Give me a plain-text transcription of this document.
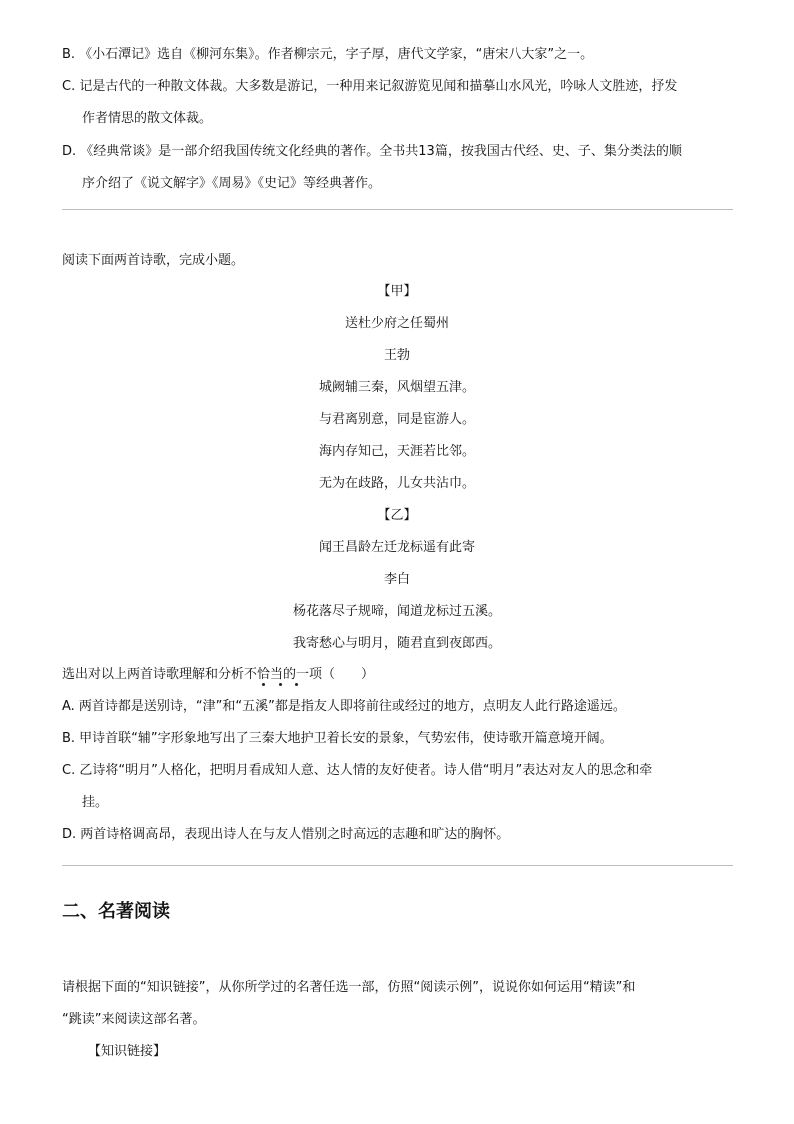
B. 《小石潭记》选自《柳河东集》。作者柳宗元，字子厚，唐代文学家，“唐宋八大家”之一。
C. 记是古代的一种散文体裁。大多数是游记，一种用来记叙游览见闻和描摹山水风光，吟咏人文胜迹，抒发
作者情思的散文体裁。
D. 《经典常谈》是一部介绍我国传统文化经典的著作。全书共13篇，按我国古代经、史、子、集分类法的顺
序介绍了《说文解字》《周易》《史记》等经典著作。
阅读下面两首诗歌，完成小题。
【甲】
送杜少府之任蜀州
王勃
城阙辅三秦，风烟望五津。
与君离别意，同是宦游人。
海内存知己，天涯若比邻。
无为在歧路，儿女共沾巾。
【乙】
闻王昌龄左迁龙标遥有此寄
李白
杨花落尽子规啼，闻道龙标过五溪。
我寄愁心与明月，随君直到夜郎西。
选出对以上两首诗歌理解和分析不恰当的一项（　　）
A. 两首诗都是送别诗，“津”和“五溪”都是指友人即将前往或经过的地方，点明友人此行路途遥远。
B. 甲诗首联“辅”字形象地写出了三秦大地护卫着长安的景象，气势宏伟，使诗歌开篇意境开阔。
C. 乙诗将“明月”人格化，把明月看成知人意、达人情的友好使者。诗人借“明月”表达对友人的思念和牵
挂。
D. 两首诗格调高昂，表现出诗人在与友人惜别之时高远的志趣和旷达的胸怀。
二、名著阅读
请根据下面的“知识链接”，从你所学过的名著任选一部，仿照“阅读示例”，说说你如何运用“精读”和
“跳读”来阅读这部名著。
【知识链接】
